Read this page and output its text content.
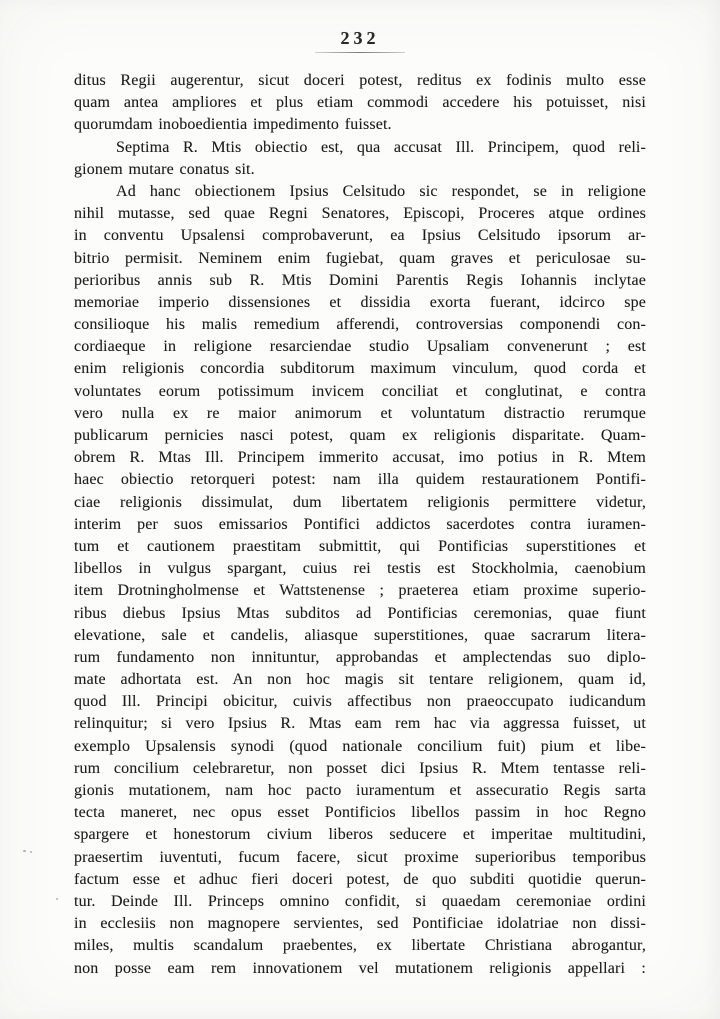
232
ditus Regii augerentur, sicut doceri potest, reditus ex fodinis multo esse
quam antea ampliores et plus etiam commodi accedere his potuisset, nisi
quorumdam inoboedientia impedimento fuisset.
Septima R. Mtis obiectio est, qua accusat Ill. Principem, quod reli-
gionem mutare conatus sit.
Ad hanc obiectionem Ipsius Celsitudo sic respondet, se in religione
nihil mutasse, sed quae Regni Senatores, Episcopi, Proceres atque ordines
in conventu Upsalensi comprobaverunt, ea Ipsius Celsitudo ipsorum ar-
bitrio permisit. Neminem enim fugiebat, quam graves et periculosae su-
perioribus annis sub R. Mtis Domini Parentis Regis Iohannis inclytae
memoriae imperio dissensiones et dissidia exorta fuerant, idcirco spe
consilioque his malis remedium afferendi, controversias componendi con-
cordiaeque in religione resarciendae studio Upsaliam convenerunt ; est
enim religionis concordia subditorum maximum vinculum, quod corda et
voluntates eorum potissimum invicem conciliat et conglutinat, e contra
vero nulla ex re maior animorum et voluntatum distractio rerumque
publicarum pernicies nasci potest, quam ex religionis disparitate. Quam-
obrem R. Mtas Ill. Principem immerito accusat, imo potius in R. Mtem
haec obiectio retorqueri potest: nam illa quidem restaurationem Pontifi-
ciae religionis dissimulat, dum libertatem religionis permittere videtur,
interim per suos emissarios Pontifici addictos sacerdotes contra iuramen-
tum et cautionem praestitam submittit, qui Pontificias superstitiones et
libellos in vulgus spargant, cuius rei testis est Stockholmia, caenobium
item Drotningholmense et Wattstenense ; praeterea etiam proxime superio-
ribus diebus Ipsius Mtas subditos ad Pontificias ceremonias, quae fiunt
elevatione, sale et candelis, aliasque superstitiones, quae sacrarum litera-
rum fundamento non innituntur, approbandas et amplectendas suo diplo-
mate adhortata est. An non hoc magis sit tentare religionem, quam id,
quod Ill. Principi obicitur, cuivis affectibus non praeoccupato iudicandum
relinquitur; si vero Ipsius R. Mtas eam rem hac via aggressa fuisset, ut
exemplo Upsalensis synodi (quod nationale concilium fuit) pium et libe-
rum concilium celebraretur, non posset dici Ipsius R. Mtem tentasse reli-
gionis mutationem, nam hoc pacto iuramentum et assecuratio Regis sarta
tecta maneret, nec opus esset Pontificios libellos passim in hoc Regno
spargere et honestorum civium liberos seducere et imperitae multitudini,
praesertim iuventuti, fucum facere, sicut proxime superioribus temporibus
factum esse et adhuc fieri doceri potest, de quo subditi quotidie querun-
tur. Deinde Ill. Princeps omnino confidit, si quaedam ceremoniae ordini
in ecclesiis non magnopere servientes, sed Pontificiae idolatriae non dissi-
miles, multis scandalum praebentes, ex libertate Christiana abrogantur,
non posse eam rem innovationem vel mutationem religionis appellari :
